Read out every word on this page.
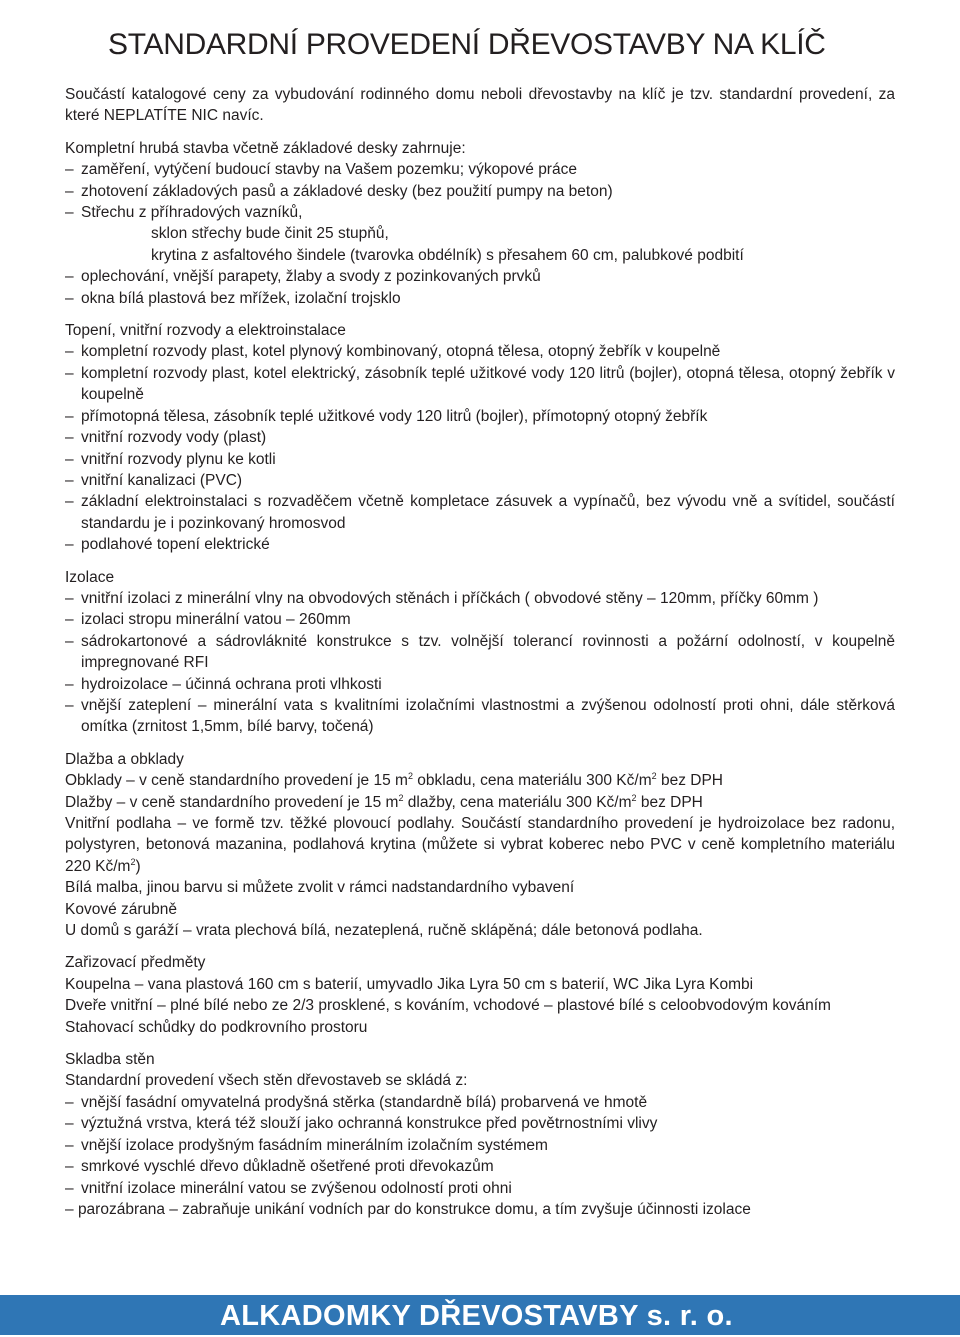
STANDARDNÍ PROVEDENÍ DŘEVOSTAVBY NA KLÍČ

Součástí katalogové ceny za vybudování rodinného domu neboli dřevostavby na klíč je tzv. standardní provedení, za které NEPLATÍTE NIC navíc.

Kompletní hrubá stavba včetně základové desky zahrnuje:
– zaměření, vytýčení budoucí stavby na Vašem pozemku; výkopové práce
– zhotovení základových pasů a základové desky (bez použití pumpy na beton)
– Střechu z příhradových vazníků,
sklon střechy bude činit 25 stupňů,
krytina z asfaltového šindele (tvarovka obdélník) s přesahem 60 cm, palubkové podbití
– oplechování, vnější parapety, žlaby a svody z pozinkovaných prvků
– okna bílá plastová bez mřížek, izolační trojsklo
Topení, vnitřní rozvody a elektroinstalace
– kompletní rozvody plast, kotel plynový kombinovaný, otopná tělesa, otopný žebřík v koupelně
– kompletní rozvody plast, kotel elektrický, zásobník teplé užitkové vody 120 litrů (bojler), otopná tělesa, otopný žebřík v koupelně
– přímotopná tělesa, zásobník teplé užitkové vody 120 litrů (bojler), přímotopný otopný žebřík
– vnitřní rozvody vody (plast)
– vnitřní rozvody plynu ke kotli
– vnitřní kanalizaci (PVC)
– základní elektroinstalaci s rozvaděčem včetně kompletace zásuvek a vypínačů, bez vývodu vně a svítidel, součástí standardu je i pozinkovaný hromosvod
– podlahové topení elektrické
Izolace
– vnitřní izolaci z minerální vlny na obvodových stěnách i příčkách ( obvodové stěny – 120mm, příčky 60mm )
– izolaci stropu minerální vatou – 260mm
– sádrokartonové a sádrovláknité konstrukce s tzv. volnější tolerancí rovinnosti a požární odolností, v koupelně impregnované RFI
– hydroizolace – účinná ochrana proti vlhkosti
– vnější zateplení – minerální vata s kvalitními izolačními vlastnostmi a zvýšenou odolností proti ohni, dále stěrková omítka (zrnitost 1,5mm, bílé barvy, točená)
Dlažba a obklady
Obklady – v ceně standardního provedení je 15 $m^2$ obkladu, cena materiálu 300 $Kč/m^2$ bez DPH
Dlažby – v ceně standardního provedení je 15 $m^2$ dlažby, cena materiálu 300 $Kč/m^2$ bez DPH
Vnitřní podlaha – ve formě tzv. těžké plovoucí podlahy. Součástí standardního provedení je hydroizolace bez radonu, polystyren, betonová mazanina, podlahová krytina (můžete si vybrat koberec nebo PVC v ceně kompletního materiálu 220 $Kč/m^2$)
Bílá malba, jinou barvu si můžete zvolit v rámci nadstandardního vybavení
Kovové zárubně
U domů s garáží – vrata plechová bílá, nezateplená, ručně sklápěná; dále betonová podlaha.
Zařizovací předměty
Koupelna – vana plastová 160 cm s baterií, umyvadlo Jika Lyra 50 cm s baterií, WC Jika Lyra Kombi
Dveře vnitřní – plné bílé nebo ze 2/3 prosklené, s kováním, vchodové – plastové bílé s celoobvodovým kováním
Stahovací schůdky do podkrovního prostoru
Skladba stěn
Standardní provedení všech stěn dřevostaveb se skládá z:
– vnější fasádní omyvatelná prodyšná stěrka (standardně bílá) probarvená ve hmotě
– výztužná vrstva, která též slouží jako ochranná konstrukce před povětrnostními vlivy
– vnější izolace prodyšným fasádním minerálním izolačním systémem
– smrkové vyschlé dřevo důkladně ošetřené proti dřevokazům
– vnitřní izolace minerální vatou se zvýšenou odolností proti ohni
– parozábrana – zabraňuje unikání vodních par do konstrukce domu, a tím zvyšuje účinnosti izolace
ALKADOMKY DŘEVOSTAVBY s. r. o.
